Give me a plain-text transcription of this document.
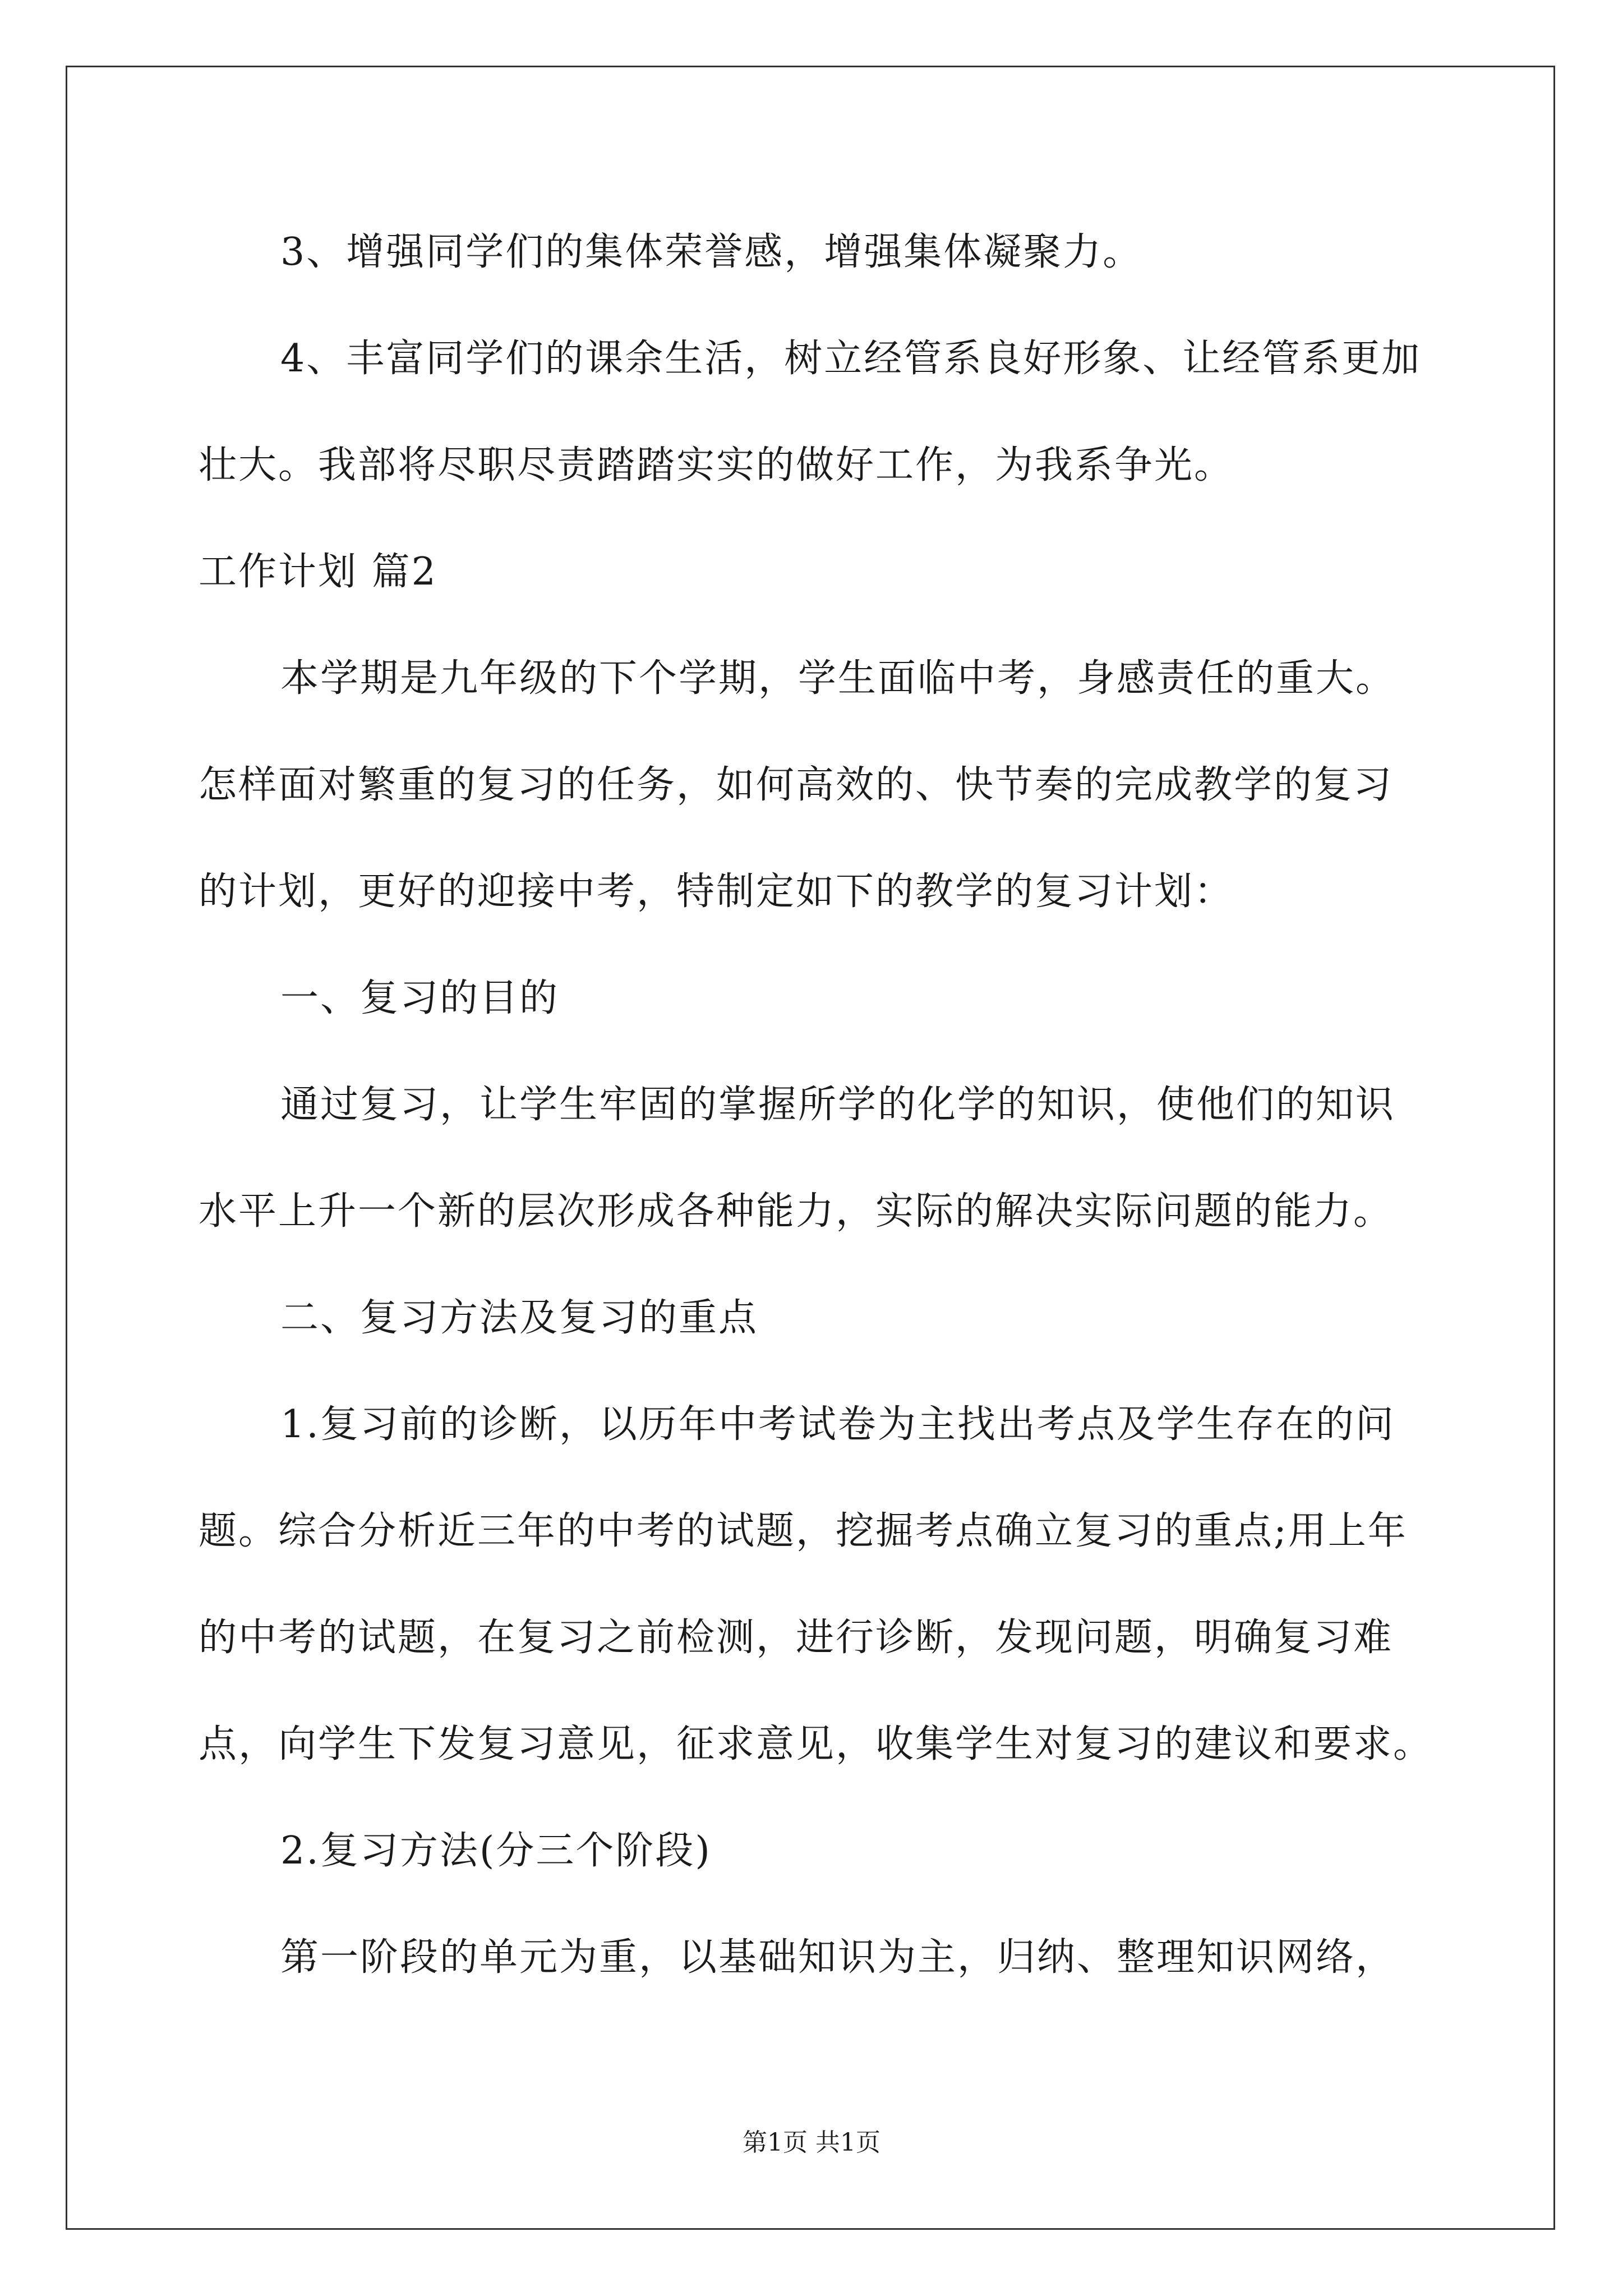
3、增强同学们的集体荣誉感，增强集体凝聚力。
4、丰富同学们的课余生活，树立经管系良好形象、让经管系更加
壮大。我部将尽职尽责踏踏实实的做好工作，为我系争光。
工作计划 篇2
本学期是九年级的下个学期，学生面临中考，身感责任的重大。
怎样面对繁重的复习的任务，如何高效的、快节奏的完成教学的复习
的计划，更好的迎接中考，特制定如下的教学的复习计划：
一、复习的目的
通过复习，让学生牢固的掌握所学的化学的知识，使他们的知识
水平上升一个新的层次形成各种能力，实际的解决实际问题的能力。
二、复习方法及复习的重点
1.复习前的诊断，以历年中考试卷为主找出考点及学生存在的问
题。综合分析近三年的中考的试题，挖掘考点确立复习的重点;用上年
的中考的试题，在复习之前检测，进行诊断，发现问题，明确复习难
点，向学生下发复习意见，征求意见，收集学生对复习的建议和要求。
2.复习方法(分三个阶段)
第一阶段的单元为重，以基础知识为主，归纳、整理知识网络，
第1页 共1页
